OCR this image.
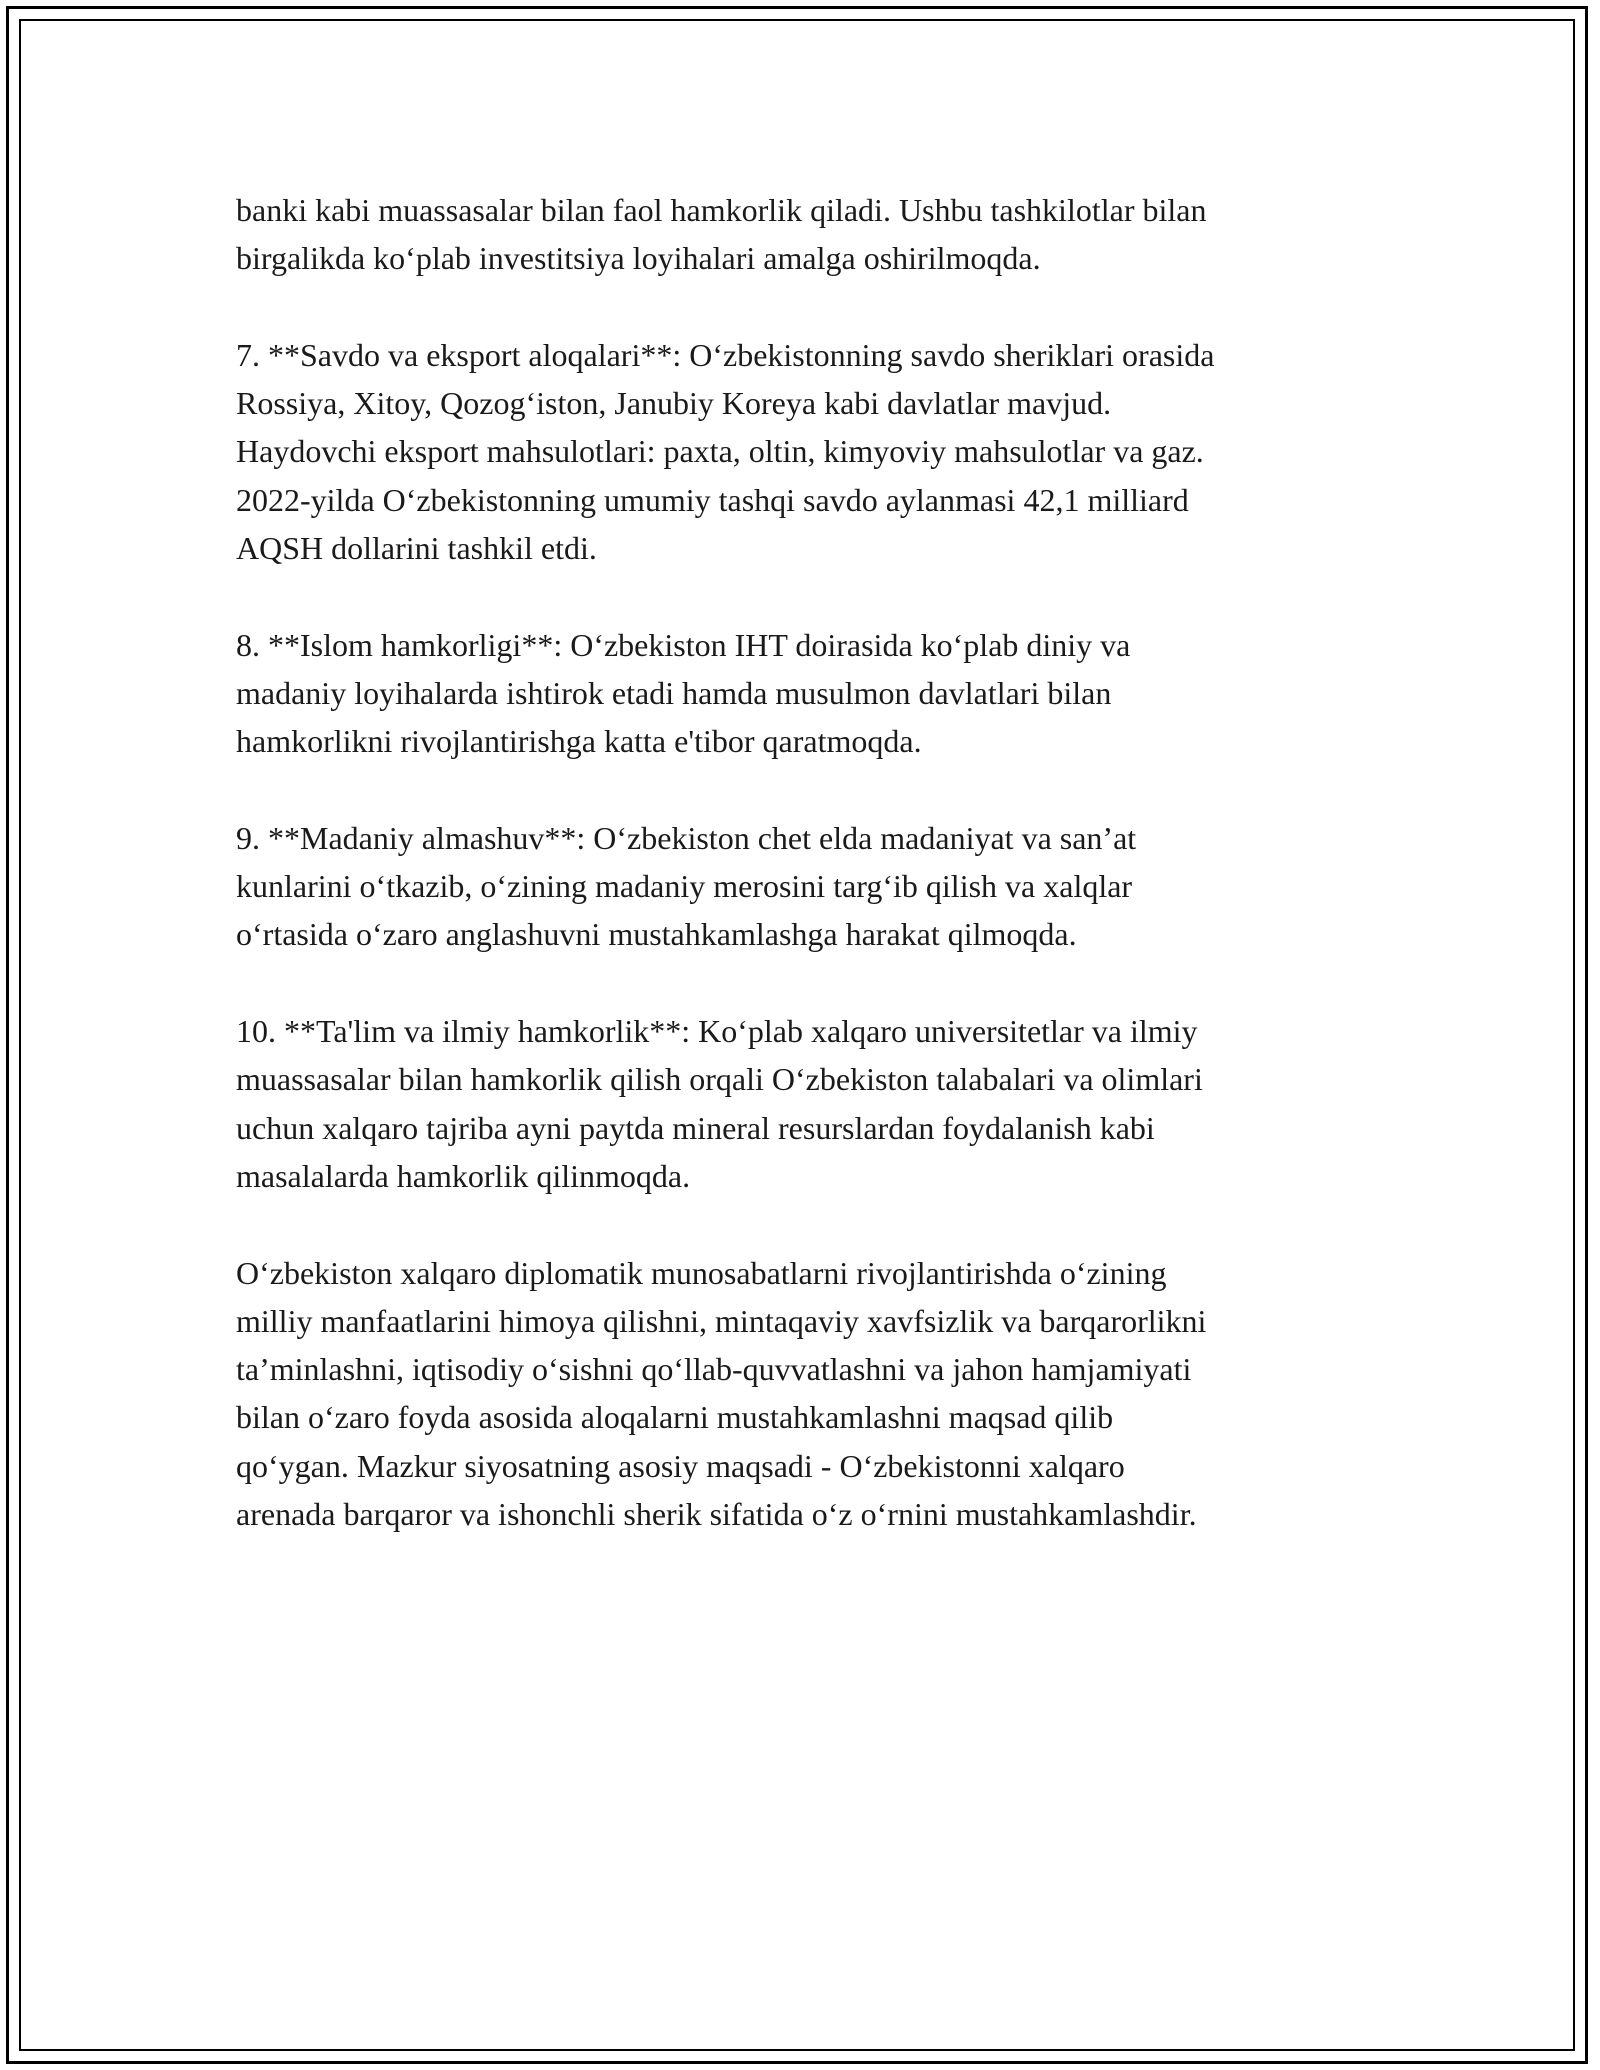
banki kabi muassasalar bilan faol hamkorlik qiladi. Ushbu tashkilotlar bilan
birgalikda ko‘plab investitsiya loyihalari amalga oshirilmoqda.

7. **Savdo va eksport aloqalari**: O‘zbekistonning savdo sheriklari orasida
Rossiya, Xitoy, Qozog‘iston, Janubiy Koreya kabi davlatlar mavjud.
Haydovchi eksport mahsulotlari: paxta, oltin, kimyoviy mahsulotlar va gaz.
2022-yilda O‘zbekistonning umumiy tashqi savdo aylanmasi 42,1 milliard
AQSH dollarini tashkil etdi.

8. **Islom hamkorligi**: O‘zbekiston IHT doirasida ko‘plab diniy va
madaniy loyihalarda ishtirok etadi hamda musulmon davlatlari bilan
hamkorlikni rivojlantirishga katta e'tibor qaratmoqda.

9. **Madaniy almashuv**: O‘zbekiston chet elda madaniyat va san’at
kunlarini o‘tkazib, o‘zining madaniy merosini targ‘ib qilish va xalqlar
o‘rtasida o‘zaro anglashuvni mustahkamlashga harakat qilmoqda.

10. **Ta'lim va ilmiy hamkorlik**: Ko‘plab xalqaro universitetlar va ilmiy
muassasalar bilan hamkorlik qilish orqali O‘zbekiston talabalari va olimlari
uchun xalqaro tajriba ayni paytda mineral resurslardan foydalanish kabi
masalalarda hamkorlik qilinmoqda.

O‘zbekiston xalqaro diplomatik munosabatlarni rivojlantirishda o‘zining
milliy manfaatlarini himoya qilishni, mintaqaviy xavfsizlik va barqarorlikni
ta’minlashni, iqtisodiy o‘sishni qo‘llab-quvvatlashni va jahon hamjamiyati
bilan o‘zaro foyda asosida aloqalarni mustahkamlashni maqsad qilib
qo‘ygan. Mazkur siyosatning asosiy maqsadi - O‘zbekistonni xalqaro
arenada barqaror va ishonchli sherik sifatida o‘z o‘rnini mustahkamlashdir.
